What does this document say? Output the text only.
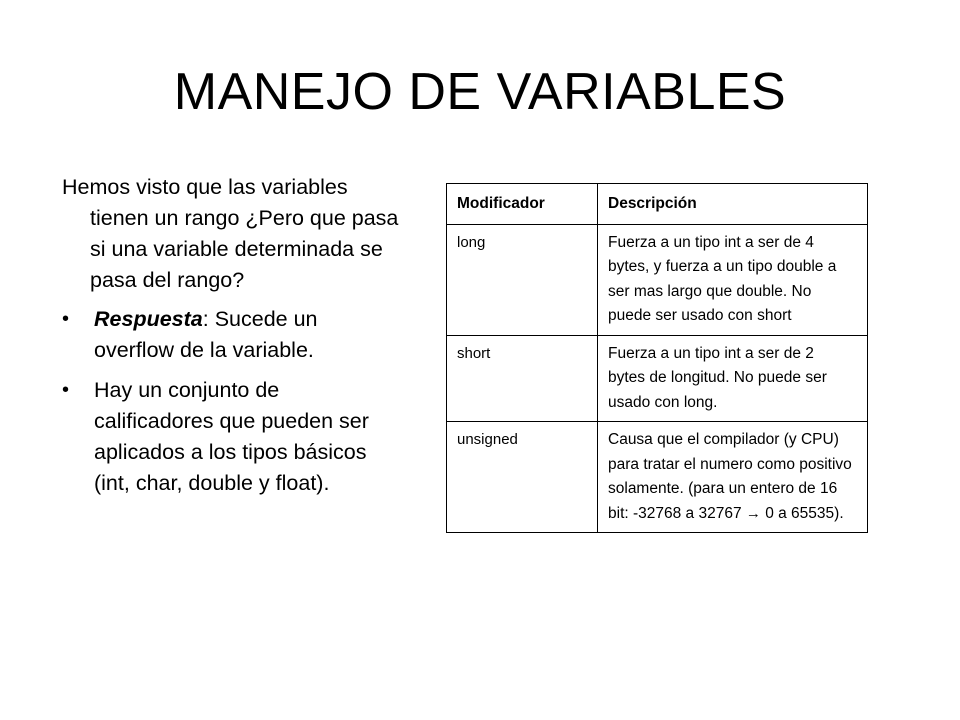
MANEJO DE VARIABLES

Hemos visto que las variables tienen un rango ¿Pero que pasa si una variable determinada se pasa del rango?

•	Respuesta: Sucede un overflow de la variable.
•	Hay un conjunto de calificadores que pueden ser aplicados a los tipos básicos (int, char, double y float).
Modificador	Descripción
long	Fuerza a un tipo int a ser de 4 bytes, y fuerza a un tipo double a ser mas largo que double. No puede ser usado con short
short	Fuerza a un tipo int a ser de 2 bytes de longitud. No puede ser usado con long.
unsigned	Causa que el compilador (y CPU) para tratar el numero como positivo solamente. (para un entero de 16 bit: -32768 a 32767 → 0 a 65535).
